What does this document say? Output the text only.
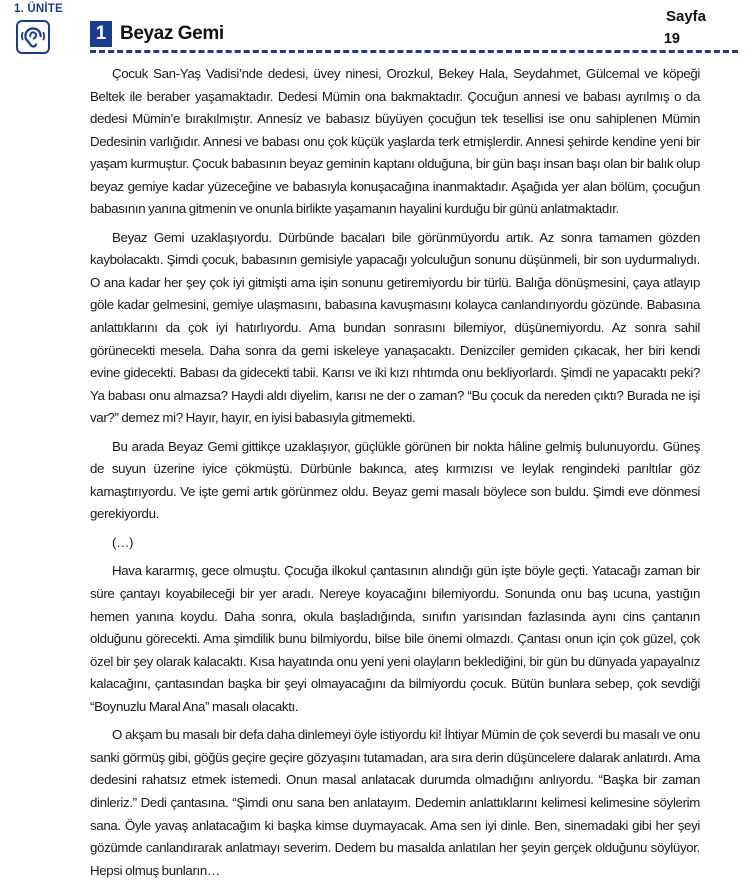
1. ÜNİTE
1 Beyaz Gemi
Sayfa
19

Çocuk San-Yaş Vadisi’nde dedesi, üvey ninesi, Orozkul, Bekey Hala, Seydahmet, Gülcemal ve köpeği Beltek ile beraber yaşamaktadır. Dedesi Mümin ona bakmaktadır. Çocuğun annesi ve babası ayrılmış o da dedesi Mümin’e bırakılmıştır. Annesiz ve babasız büyüyen çocuğun tek tesellisi ise onu sahiplenen Mümin Dedesinin varlığıdır. Annesi ve babası onu çok küçük yaşlarda terk etmişlerdir. Annesi şehirde kendine yeni bir yaşam kurmuştur. Çocuk babasının beyaz geminin kaptanı olduğuna, bir gün başı insan başı olan bir balık olup beyaz gemiye kadar yüzeceğine ve babasıyla konuşacağına inanmaktadır. Aşağıda yer alan bölüm, çocuğun babasının yanına gitmenin ve onunla birlikte yaşamanın hayalini kurduğu bir günü anlatmaktadır.

Beyaz Gemi uzaklaşıyordu. Dürbünde bacaları bile görünmüyordu artık. Az sonra tamamen gözden kaybolacaktı. Şimdi çocuk, babasının gemisiyle yapacağı yolculuğun sonunu düşünmeli, bir son uydurmalıydı. O ana kadar her şey çok iyi gitmişti ama işin sonunu getiremiyordu bir türlü. Balığa dönüşmesini, çaya atlayıp göle kadar gelmesini, gemiye ulaşmasını, babasına kavuşmasını kolayca canlandırıyordu gözünde. Babasına anlattıklarını da çok iyi hatırlıyordu. Ama bundan sonrasını bilemiyor, düşünemiyordu. Az sonra sahil görünecekti mesela. Daha sonra da gemi iskeleye yanaşacaktı. Denizciler gemiden çıkacak, her biri kendi evine gidecekti. Babası da gidecekti tabii. Karısı ve iki kızı rıhtımda onu bekliyorlardı. Şimdi ne yapacaktı peki? Ya babası onu almazsa? Haydi aldı diyelim, karısı ne der o zaman? “Bu çocuk da nereden çıktı? Burada ne işi var?” demez mi? Hayır, hayır, en iyisi babasıyla gitmemekti.

Bu arada Beyaz Gemi gittikçe uzaklaşıyor, güçlükle görünen bir nokta hâline gelmiş bulunuyordu. Güneş de suyun üzerine iyice çökmüştü. Dürbünle bakınca, ateş kırmızısı ve leylak rengindeki parıltılar göz kamaştırıyordu. Ve işte gemi artık görünmez oldu. Beyaz gemi masalı böylece son buldu. Şimdi eve dönmesi gerekiyordu.

(…)

Hava kararmış, gece olmuştu. Çocuğa ilkokul çantasının alındığı gün işte böyle geçti. Yatacağı zaman bir süre çantayı koyabileceği bir yer aradı. Nereye koyacağını bilemiyordu. Sonunda onu baş ucuna, yastığın hemen yanına koydu. Daha sonra, okula başladığında, sınıfın yarısından fazlasında aynı cins çantanın olduğunu görecekti. Ama şimdilik bunu bilmiyordu, bilse bile önemi olmazdı. Çantası onun için çok güzel, çok özel bir şey olarak kalacaktı. Kısa hayatında onu yeni yeni olayların beklediğini, bir gün bu dünyada yapayalnız kalacağını, çantasından başka bir şeyi olmayacağını da bilmiyordu çocuk. Bütün bunlara sebep, çok sevdiği “Boynuzlu Maral Ana” masalı olacaktı.

O akşam bu masalı bir defa daha dinlemeyi öyle istiyordu ki! İhtiyar Mümin de çok severdi bu masalı ve onu sanki görmüş gibi, göğüs geçire geçire gözyaşını tutamadan, ara sıra derin düşüncelere dalarak anlatırdı. Ama dedesini rahatsız etmek istemedi. Onun masal anlatacak durumda olmadığını anlıyordu. “Başka bir zaman dinleriz.” Dedi çantasına. “Şimdi onu sana ben anlatayım. Dedemin anlattıklarını kelimesi kelimesine söylerim sana. Öyle yavaş anlatacağım ki başka kimse duymayacak. Ama sen iyi dinle. Ben, sinemadaki gibi her şeyi gözümde canlandırarak anlatmayı severim. Dedem bu masalda anlatılan her şeyin gerçek olduğunu söylüyor. Hepsi olmuş bunların…
